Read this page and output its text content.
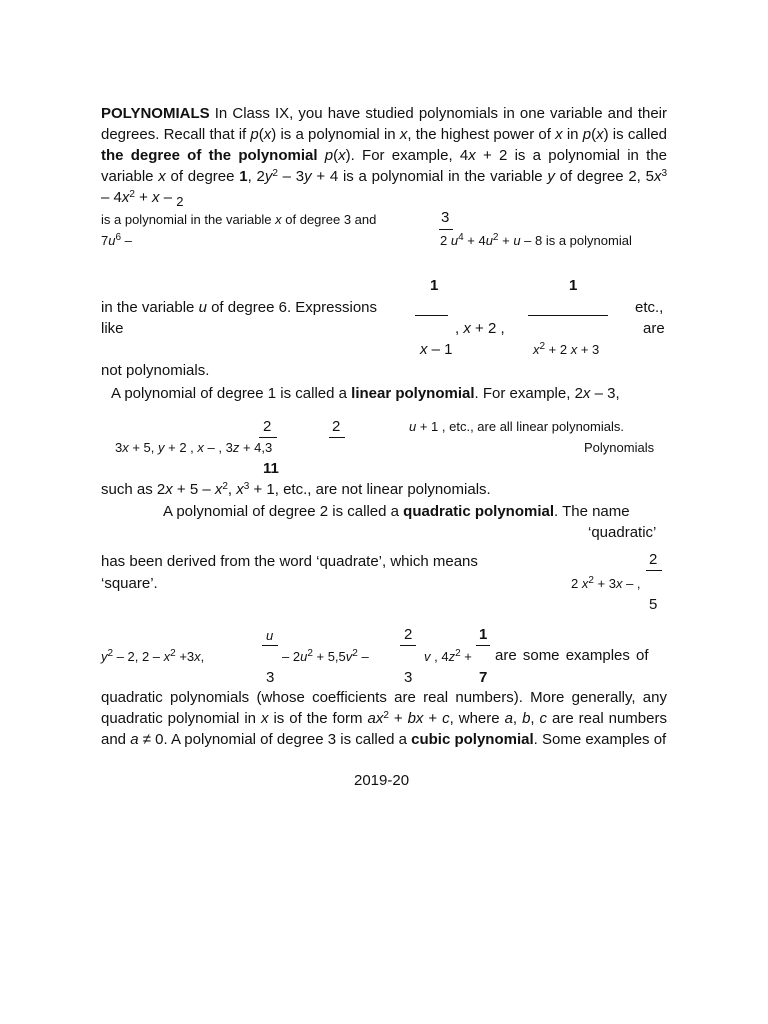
POLYNOMIALS In Class IX, you have studied polynomials in one variable and their degrees. Recall that if p(x) is a polynomial in x, the highest power of x in p(x) is called the degree of the polynomial p(x). For example, 4x + 2 is a polynomial in the variable x of degree 1, $2y^2 - 3y + 4$ is a polynomial in the variable y of degree 2, $5x^3 - 4x^2 + x - _2$
is a polynomial in the variable x of degree 3 and	3
$7u^6$ –	2 $u^4 + 4u^2 + u - 8$ is a polynomial
1	1
in the variable u of degree 6. Expressions	etc.,
like	, x + 2 ,	are
x – 1	$x^2 + 2$ x + 3
not polynomials.
A polynomial of degree 1 is called a linear polynomial. For example, 2x – 3,
2	2	u + 1 , etc., are all linear polynomials.
3x + 5, y + 2 , x – , 3z + 4,3	Polynomials
11
such as $2x + 5 - x^2$, $x^3 + 1$, etc., are not linear polynomials.
A polynomial of degree 2 is called a quadratic polynomial. The name
‘quadratic’
has been derived from the word ‘quadrate’, which means	2
‘square’.	2 $x^2 + 3x$ – ,
5
u	2	1
$y^2 - 2$, $2 - x^2 +3x$,	– $2u^2 + 5,5v^2$ –	v , $4z^2$ + are some examples of
3	3	7
quadratic polynomials (whose coefficients are real numbers). More generally, any quadratic polynomial in x is of the form $ax^2$ + bx + c, where a, b, c are real numbers and a ≠ 0. A polynomial of degree 3 is called a cubic polynomial. Some examples of
2019-20
